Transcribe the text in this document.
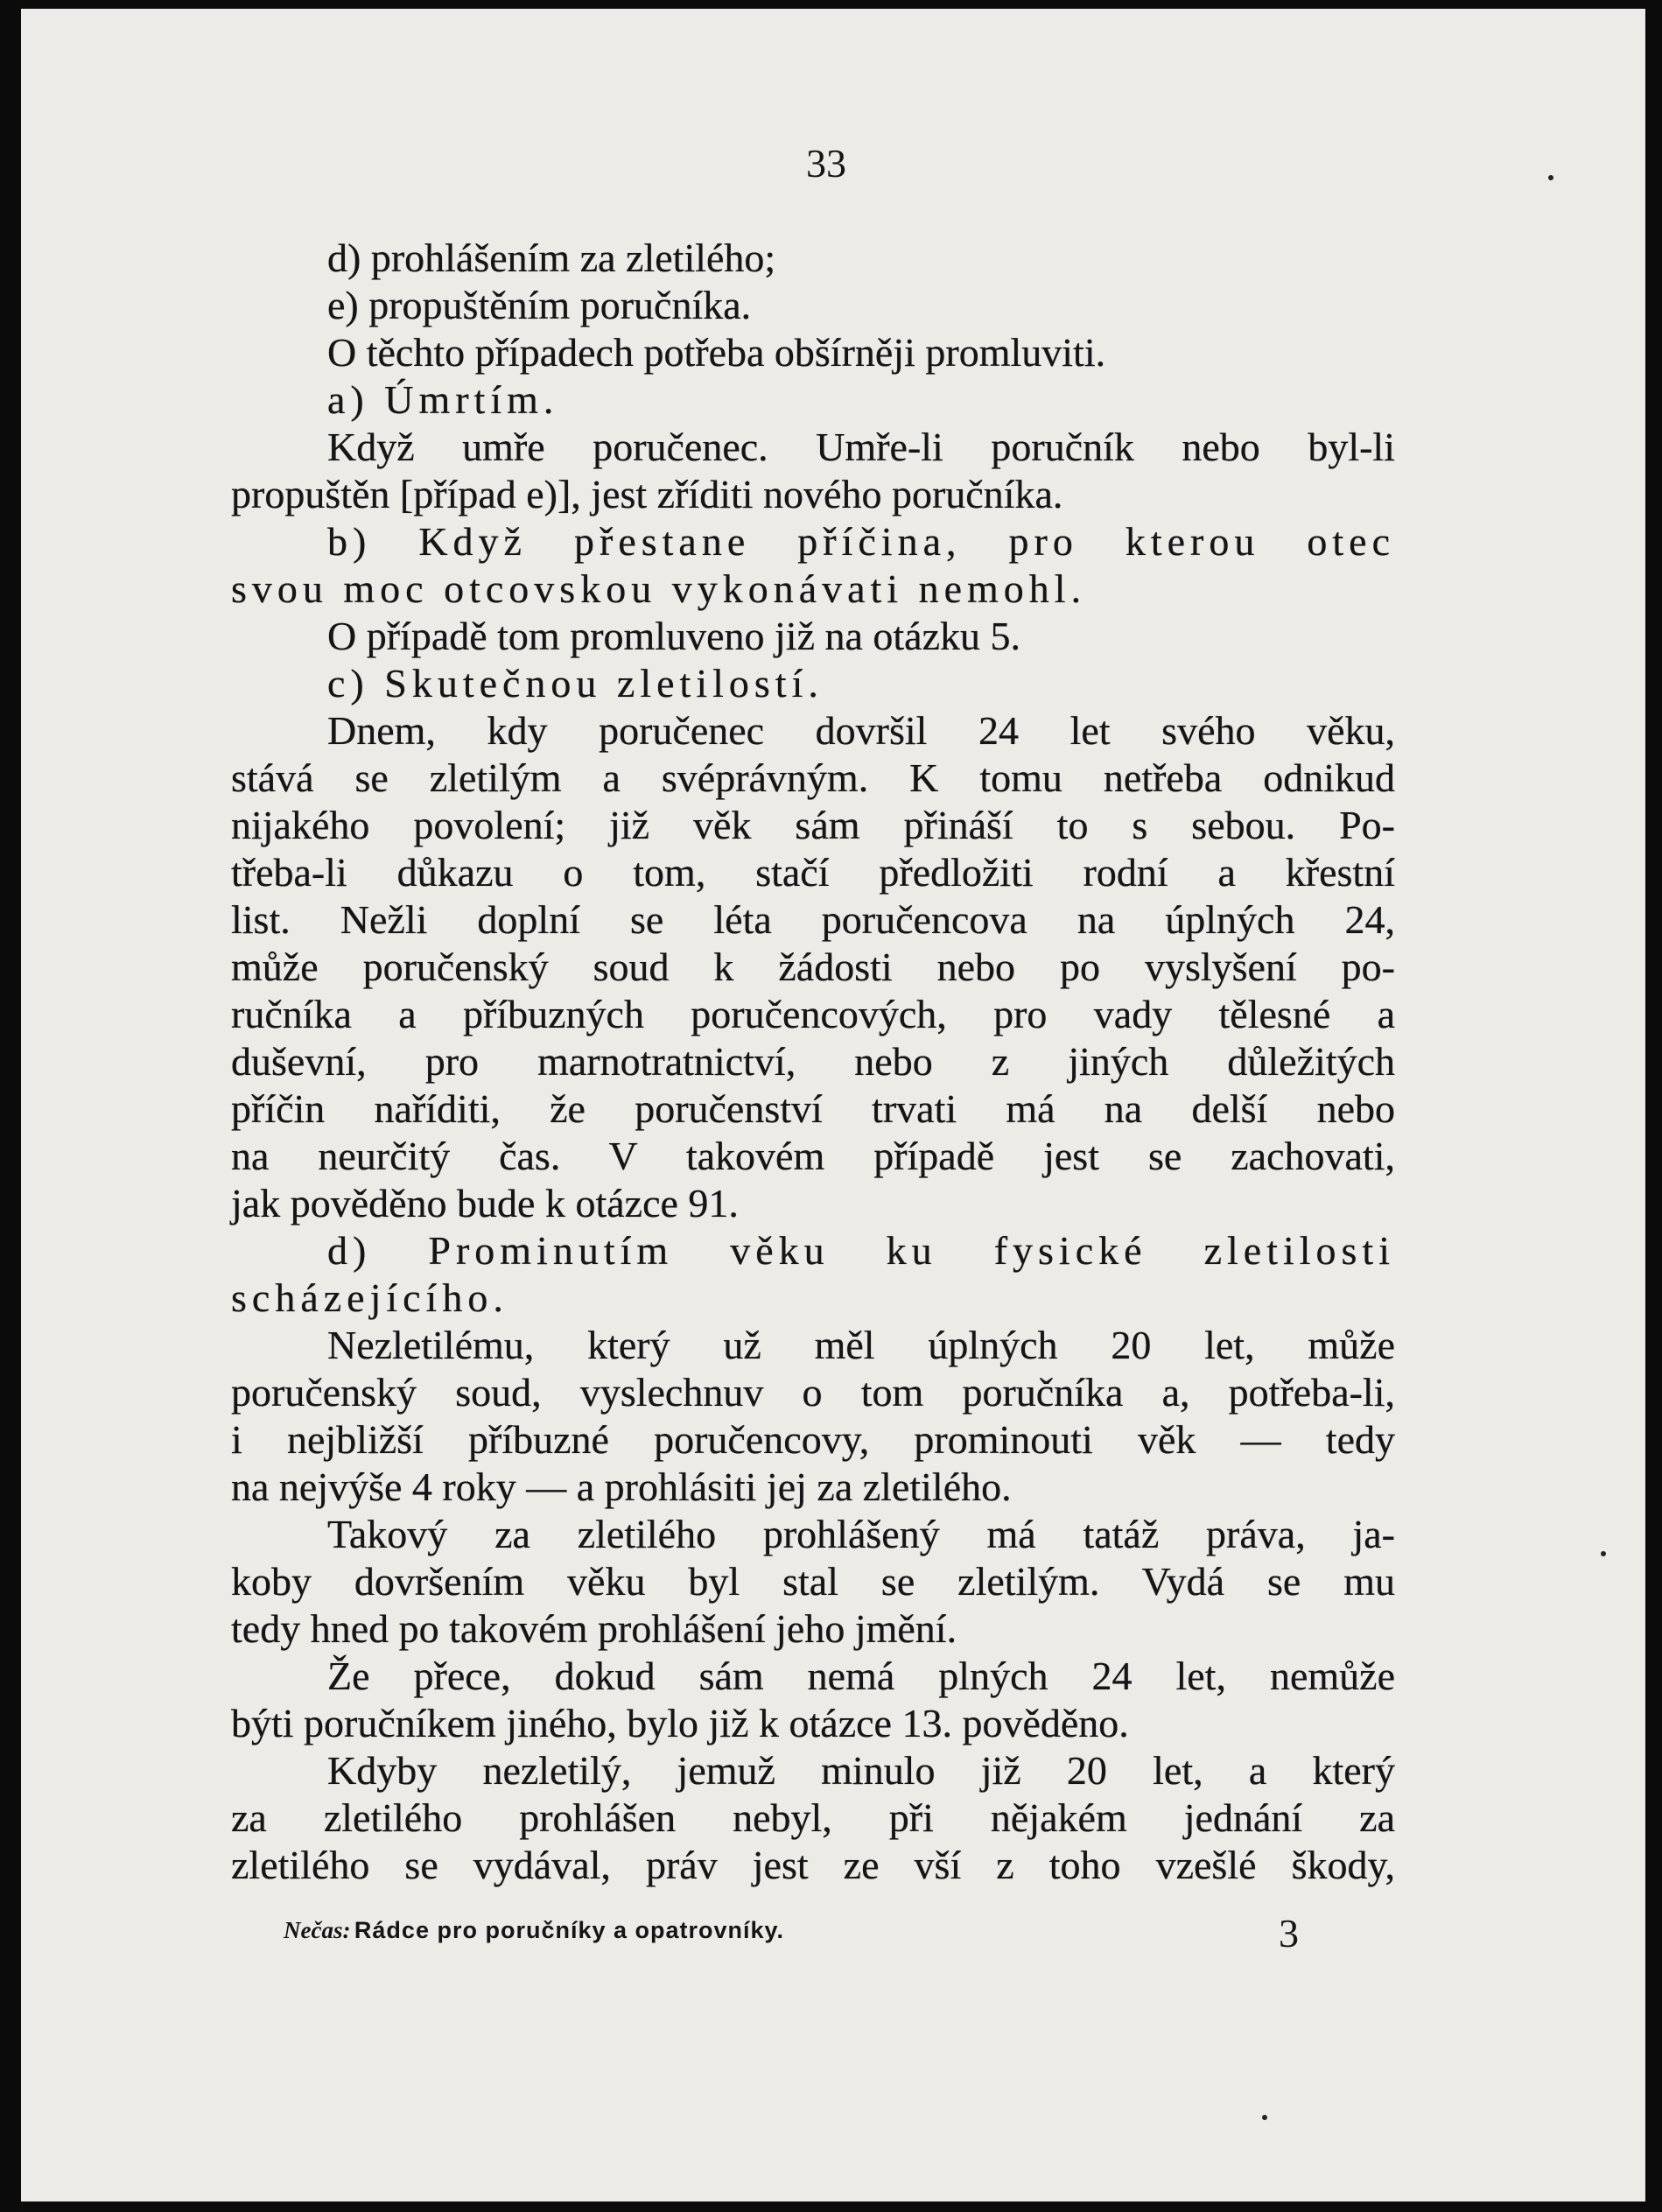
33
d) prohlášením za zletilého;
e) propuštěním poručníka.
O těchto případech potřeba obšírněji promluviti.
a) Úmrtím.
Když umře poručenec. Umře-li poručník nebo byl-li
propuštěn [případ e)], jest zříditi nového poručníka.
b) Když přestane příčina, pro kterou otec
svou moc otcovskou vykonávati nemohl.
O případě tom promluveno již na otázku 5.
c) Skutečnou zletilostí.
Dnem, kdy poručenec dovršil 24 let svého věku,
stává se zletilým a svéprávným. K tomu netřeba odnikud
nijakého povolení; již věk sám přináší to s sebou. Po-
třeba-li důkazu o tom, stačí předložiti rodní a křestní
list. Nežli doplní se léta poručencova na úplných 24,
může poručenský soud k žádosti nebo po vyslyšení po-
ručníka a příbuzných poručencových, pro vady tělesné a
duševní, pro marnotratnictví, nebo z jiných důležitých
příčin naříditi, že poručenství trvati má na delší nebo
na neurčitý čas. V takovém případě jest se zachovati,
jak pověděno bude k otázce 91.
d) Prominutím věku ku fysické zletilosti
scházejícího.
Nezletilému, který už měl úplných 20 let, může
poručenský soud, vyslechnuv o tom poručníka a, potřeba-li,
i nejbližší příbuzné poručencovy, prominouti věk — tedy
na nejvýše 4 roky — a prohlásiti jej za zletilého.
Takový za zletilého prohlášený má tatáž práva, ja-
koby dovršením věku byl stal se zletilým. Vydá se mu
tedy hned po takovém prohlášení jeho jmění.
Že přece, dokud sám nemá plných 24 let, nemůže
býti poručníkem jiného, bylo již k otázce 13. pověděno.
Kdyby nezletilý, jemuž minulo již 20 let, a který
za zletilého prohlášen nebyl, při nějakém jednání za
zletilého se vydával, práv jest ze vší z toho vzešlé škody,
Nečas: Rádce pro poručníky a opatrovníky.	3
